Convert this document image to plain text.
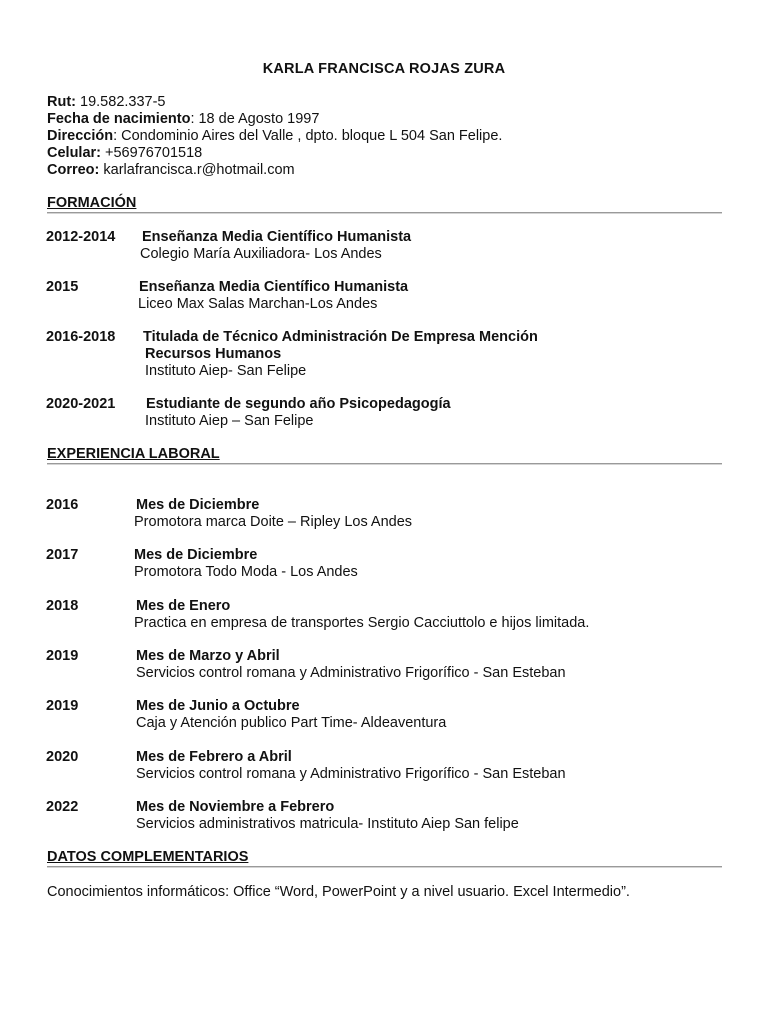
KARLA FRANCISCA ROJAS ZURA
Rut: 19.582.337-5
Fecha de nacimiento: 18 de Agosto 1997
Dirección: Condominio Aires del Valle , dpto. bloque L 504 San Felipe.
Celular: +56976701518
Correo: karlafrancisca.r@hotmail.com
FORMACIÓN
2012-2014 Enseñanza Media Científico Humanista
Colegio María Auxiliadora- Los Andes
2015	Enseñanza Media Científico Humanista
Liceo Max Salas Marchan-Los Andes
2016-2018 Titulada de Técnico Administración De Empresa Mención
Recursos Humanos
Instituto Aiep- San Felipe
2020-2021 Estudiante de segundo año Psicopedagogía
Instituto Aiep – San Felipe
EXPERIENCIA LABORAL
2016	Mes de Diciembre
Promotora marca Doite – Ripley Los Andes
2017	Mes de Diciembre
Promotora Todo Moda - Los Andes
2018	Mes de Enero
Practica en empresa de transportes Sergio Cacciuttolo e hijos limitada.
2019	Mes de Marzo y Abril
Servicios control romana y Administrativo Frigorífico - San Esteban
2019	Mes de Junio a Octubre
Caja y Atención publico Part Time- Aldeaventura
2020	Mes de Febrero a Abril
Servicios control romana y Administrativo Frigorífico - San Esteban
2022	Mes de Noviembre a Febrero
Servicios administrativos matricula- Instituto Aiep San felipe
DATOS COMPLEMENTARIOS
Conocimientos informáticos: Office “Word, PowerPoint y a nivel usuario. Excel Intermedio”.
